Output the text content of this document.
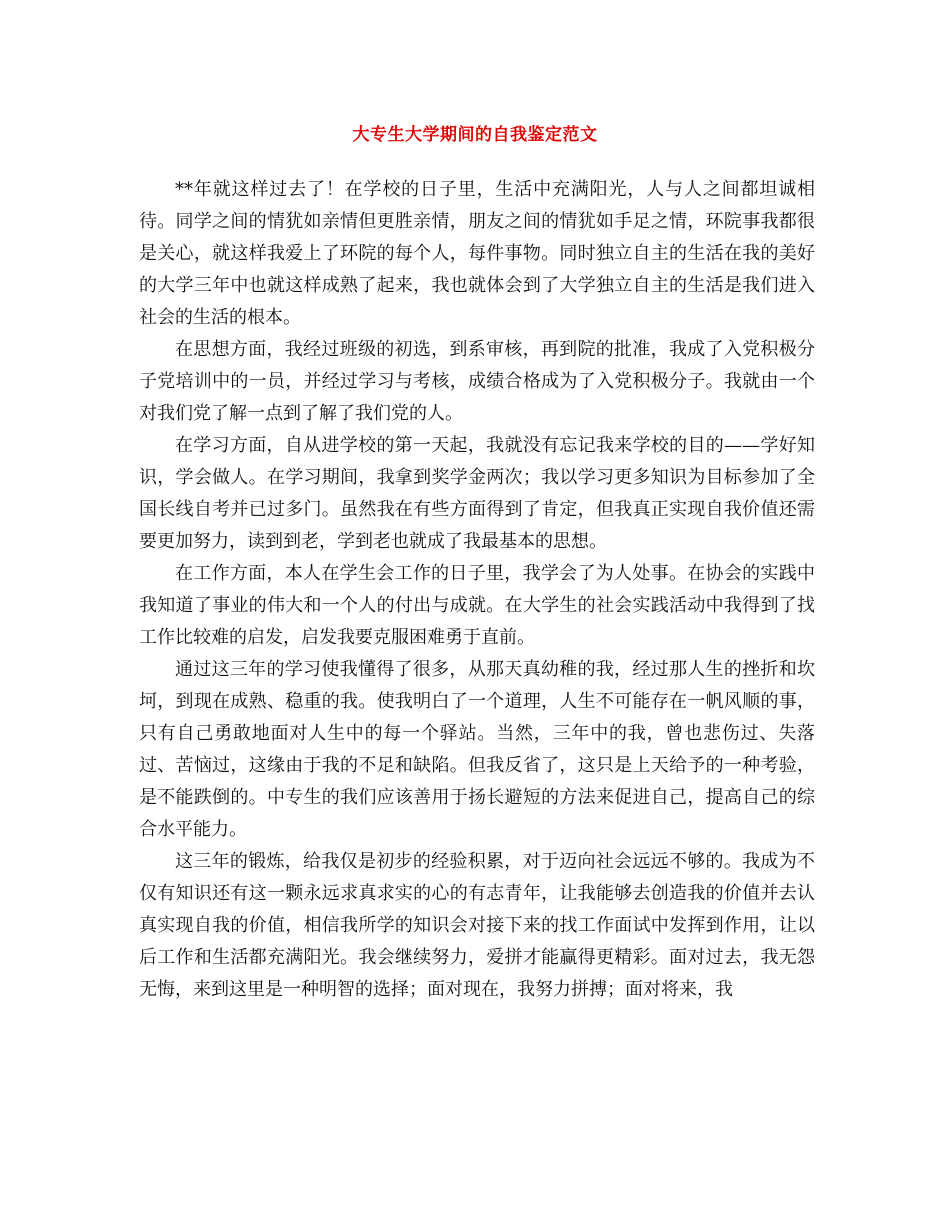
大专生大学期间的自我鉴定范文

**年就这样过去了！在学校的日子里，生活中充满阳光，人与人之间都坦诚相待。同学之间的情犹如亲情但更胜亲情，朋友之间的情犹如手足之情，环院事我都很是关心，就这样我爱上了环院的每个人，每件事物。同时独立自主的生活在我的美好的大学三年中也就这样成熟了起来，我也就体会到了大学独立自主的生活是我们进入社会的生活的根本。

在思想方面，我经过班级的初选，到系审核，再到院的批准，我成了入党积极分子党培训中的一员，并经过学习与考核，成绩合格成为了入党积极分子。我就由一个对我们党了解一点到了解了我们党的人。

在学习方面，自从进学校的第一天起，我就没有忘记我来学校的目的——学好知识，学会做人。在学习期间，我拿到奖学金两次；我以学习更多知识为目标参加了全国长线自考并已过多门。虽然我在有些方面得到了肯定，但我真正实现自我价值还需要更加努力，读到到老，学到老也就成了我最基本的思想。

在工作方面，本人在学生会工作的日子里，我学会了为人处事。在协会的实践中我知道了事业的伟大和一个人的付出与成就。在大学生的社会实践活动中我得到了找工作比较难的启发，启发我要克服困难勇于直前。

通过这三年的学习使我懂得了很多，从那天真幼稚的我，经过那人生的挫折和坎坷，到现在成熟、稳重的我。使我明白了一个道理，人生不可能存在一帆风顺的事，只有自己勇敢地面对人生中的每一个驿站。当然，三年中的我，曾也悲伤过、失落过、苦恼过，这缘由于我的不足和缺陷。但我反省了，这只是上天给予的一种考验，是不能跌倒的。中专生的我们应该善用于扬长避短的方法来促进自己，提高自己的综合水平能力。

这三年的锻炼，给我仅是初步的经验积累，对于迈向社会远远不够的。我成为不仅有知识还有这一颗永远求真求实的心的有志青年，让我能够去创造我的价值并去认真实现自我的价值，相信我所学的知识会对接下来的找工作面试中发挥到作用，让以后工作和生活都充满阳光。我会继续努力，爱拼才能赢得更精彩。面对过去，我无怨无悔，来到这里是一种明智的选择；面对现在，我努力拼搏；面对将来，我
